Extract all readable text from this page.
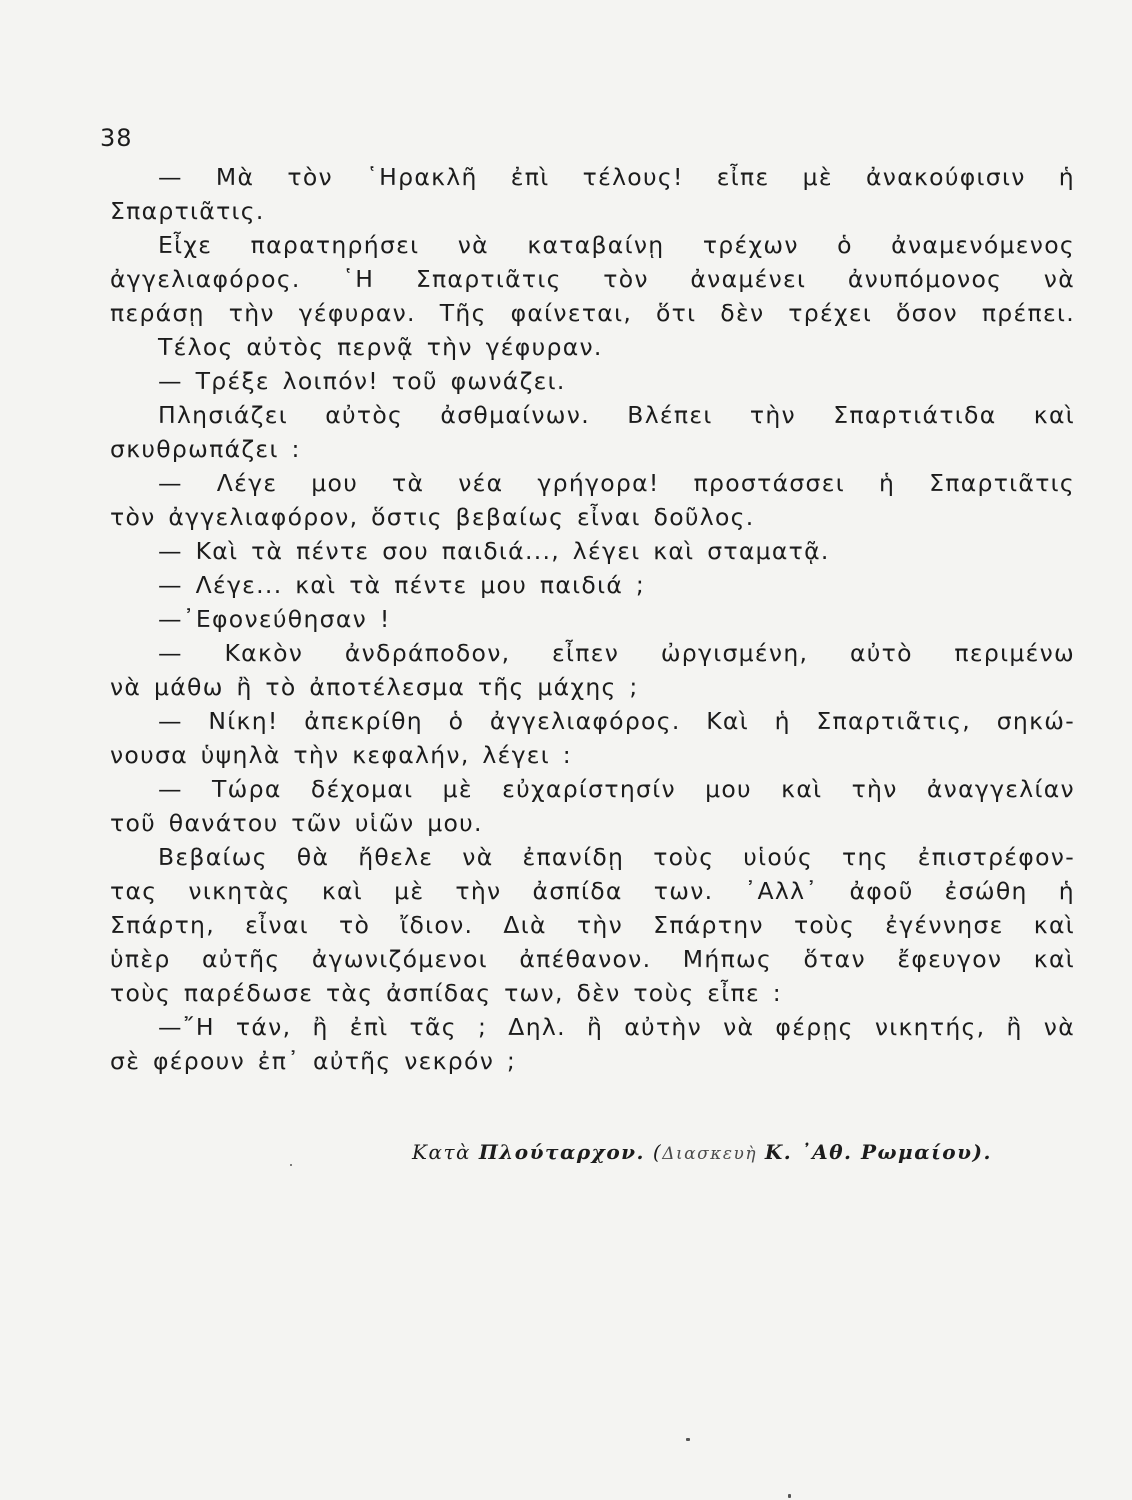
38
— Μὰ τὸν ῾Ηρακλῆ ἐπὶ τέλους! εἶπε μὲ ἀνακούφισιν ἡ
Σπαρτιᾶτις.
Εἶχε παρατηρήσει νὰ καταβαίνῃ τρέχων ὁ ἀναμενόμενος
ἀγγελιαφόρος. ῾Η Σπαρτιᾶτις τὸν ἀναμένει ἀνυπόμονος νὰ
περάσῃ τὴν γέφυραν. Τῆς φαίνεται, ὅτι δὲν τρέχει ὅσον πρέπει.
Τέλος αὐτὸς περνᾷ τὴν γέφυραν.
— Τρέξε λοιπόν! τοῦ φωνάζει.
Πλησιάζει αὐτὸς ἀσθμαίνων. Βλέπει τὴν Σπαρτιάτιδα καὶ
σκυθρωπάζει :
— Λέγε μου τὰ νέα γρήγορα! προστάσσει ἡ Σπαρτιᾶτις
τὸν ἀγγελιαφόρον, ὅστις βεβαίως εἶναι δοῦλος.
— Καὶ τὰ πέντε σου παιδιά..., λέγει καὶ σταματᾷ.
— Λέγε... καὶ τὰ πέντε μου παιδιά ;
—᾿Εφονεύθησαν !
— Κακὸν ἀνδράποδον, εἶπεν ὠργισμένη, αὐτὸ περιμένω
νὰ μάθω ἢ τὸ ἀποτέλεσμα τῆς μάχης ;
— Νίκη! ἀπεκρίθη ὁ ἀγγελιαφόρος. Καὶ ἡ Σπαρτιᾶτις, σηκώ-
νουσα ὑψηλὰ τὴν κεφαλήν, λέγει :
— Τώρα δέχομαι μὲ εὐχαρίστησίν μου καὶ τὴν ἀναγγελίαν
τοῦ θανάτου τῶν υἱῶν μου.
Βεβαίως θὰ ἤθελε νὰ ἐπανίδῃ τοὺς υἱούς της ἐπιστρέφον-
τας νικητὰς καὶ μὲ τὴν ἀσπίδα των. ᾿Αλλ᾿ ἀφοῦ ἐσώθη ἡ
Σπάρτη, εἶναι τὸ ἴδιον. Διὰ τὴν Σπάρτην τοὺς ἐγέννησε καὶ
ὑπὲρ αὐτῆς ἀγωνιζόμενοι ἀπέθανον. Μήπως ὅταν ἔφευγον καὶ
τοὺς παρέδωσε τὰς ἀσπίδας των, δὲν τοὺς εἶπε :
—῎Η τάν, ἢ ἐπὶ τᾶς ; Δηλ. ἢ αὐτὴν νὰ φέρῃς νικητής, ἢ νὰ
σὲ φέρουν ἐπ᾿ αὐτῆς νεκρόν ;
Κατὰ Πλούταρχον. (Διασκευὴ Κ. ᾿Αθ. Ρωμαίου).
